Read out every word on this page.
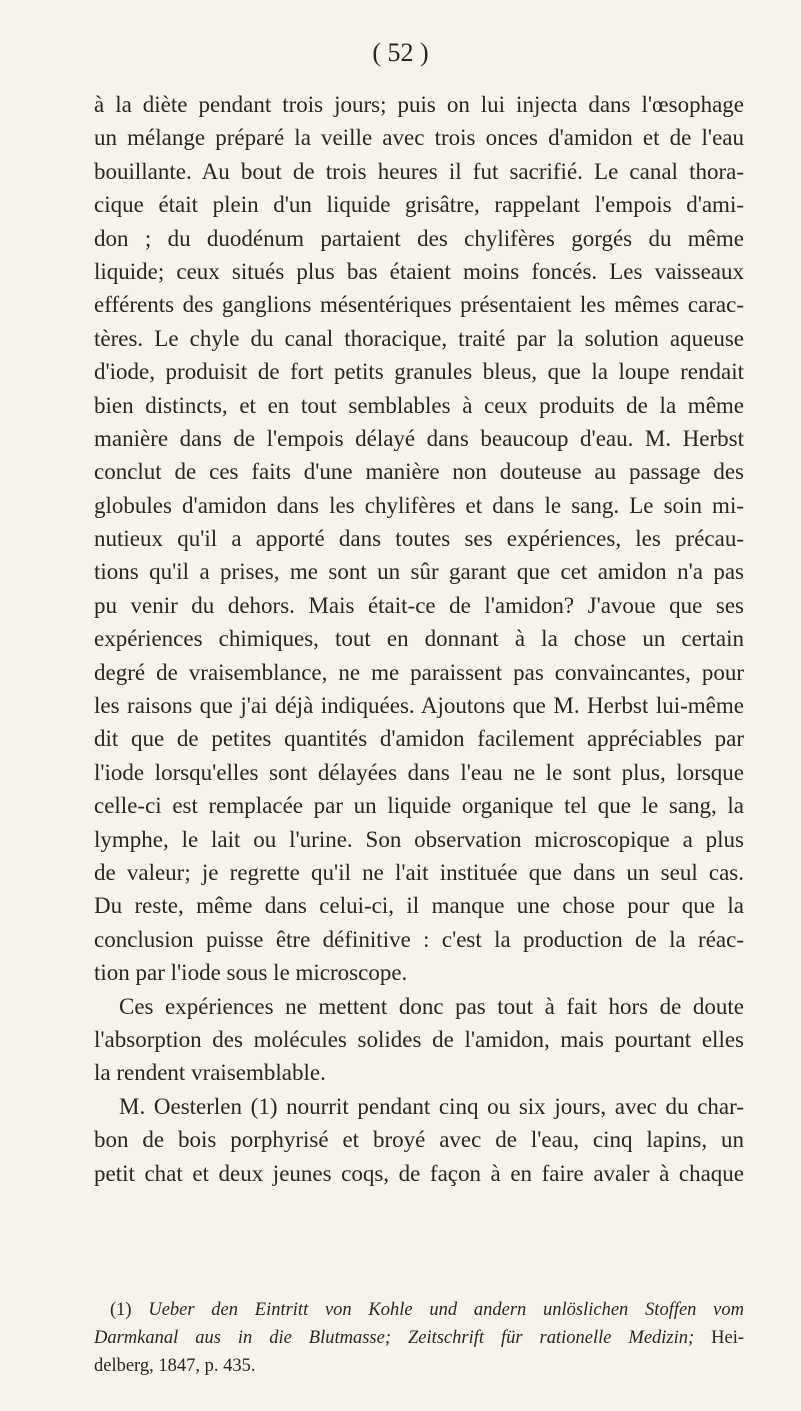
( 52 )
à la diète pendant trois jours; puis on lui injecta dans l'œsophage
un mélange préparé la veille avec trois onces d'amidon et de l'eau
bouillante. Au bout de trois heures il fut sacrifié. Le canal thora-
cique était plein d'un liquide grisâtre, rappelant l'empois d'ami-
don ; du duodénum partaient des chylifères gorgés du même
liquide; ceux situés plus bas étaient moins foncés. Les vaisseaux
efférents des ganglions mésentériques présentaient les mêmes carac-
tères. Le chyle du canal thoracique, traité par la solution aqueuse
d'iode, produisit de fort petits granules bleus, que la loupe rendait
bien distincts, et en tout semblables à ceux produits de la même
manière dans de l'empois délayé dans beaucoup d'eau. M. Herbst
conclut de ces faits d'une manière non douteuse au passage des
globules d'amidon dans les chylifères et dans le sang. Le soin mi-
nutieux qu'il a apporté dans toutes ses expériences, les précau-
tions qu'il a prises, me sont un sûr garant que cet amidon n'a pas
pu venir du dehors. Mais était-ce de l'amidon? J'avoue que ses
expériences chimiques, tout en donnant à la chose un certain
degré de vraisemblance, ne me paraissent pas convaincantes, pour
les raisons que j'ai déjà indiquées. Ajoutons que M. Herbst lui-même
dit que de petites quantités d'amidon facilement appréciables par
l'iode lorsqu'elles sont délayées dans l'eau ne le sont plus, lorsque
celle-ci est remplacée par un liquide organique tel que le sang, la
lymphe, le lait ou l'urine. Son observation microscopique a plus
de valeur; je regrette qu'il ne l'ait instituée que dans un seul cas.
Du reste, même dans celui-ci, il manque une chose pour que la
conclusion puisse être définitive : c'est la production de la réac-
tion par l'iode sous le microscope.
Ces expériences ne mettent donc pas tout à fait hors de doute
l'absorption des molécules solides de l'amidon, mais pourtant elles
la rendent vraisemblable.
M. Oesterlen (1) nourrit pendant cinq ou six jours, avec du char-
bon de bois porphyrisé et broyé avec de l'eau, cinq lapins, un
petit chat et deux jeunes coqs, de façon à en faire avaler à chaque
(1) Ueber den Eintritt von Kohle und andern unlöslichen Stoffen vom
Darmkanal aus in die Blutmasse; Zeitschrift für rationelle Medizin; Hei-
delberg, 1847, p. 435.
